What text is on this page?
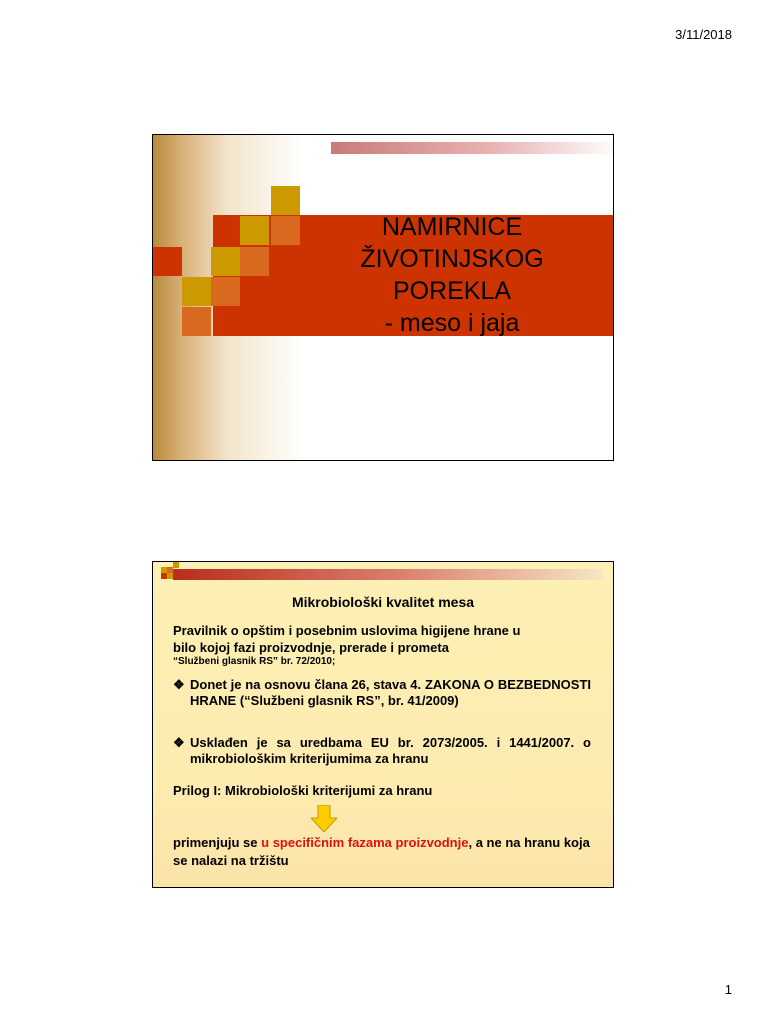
3/11/2018
NAMIRNICE
ŽIVOTINJSKOG
POREKLA
- meso i jaja
Mikrobiološki kvalitet mesa
Pravilnik o opštim i posebnim uslovima higijene hrane u
bilo kojoj fazi proizvodnje, prerade i prometa
“Službeni glasnik RS” br. 72/2010;
❖ Donet je na osnovu člana 26, stava 4. ZAKONA O BEZBEDNOSTI HRANE (“Službeni glasnik RS”, br. 41/2009)
❖ Usklađen je sa uredbama EU br. 2073/2005. i 1441/2007. o mikrobiološkim kriterijumima za hranu
Prilog I: Mikrobiološki kriterijumi za hranu
primenjuju se u specifičnim fazama proizvodnje, a ne na hranu koja se nalazi na tržištu
1
